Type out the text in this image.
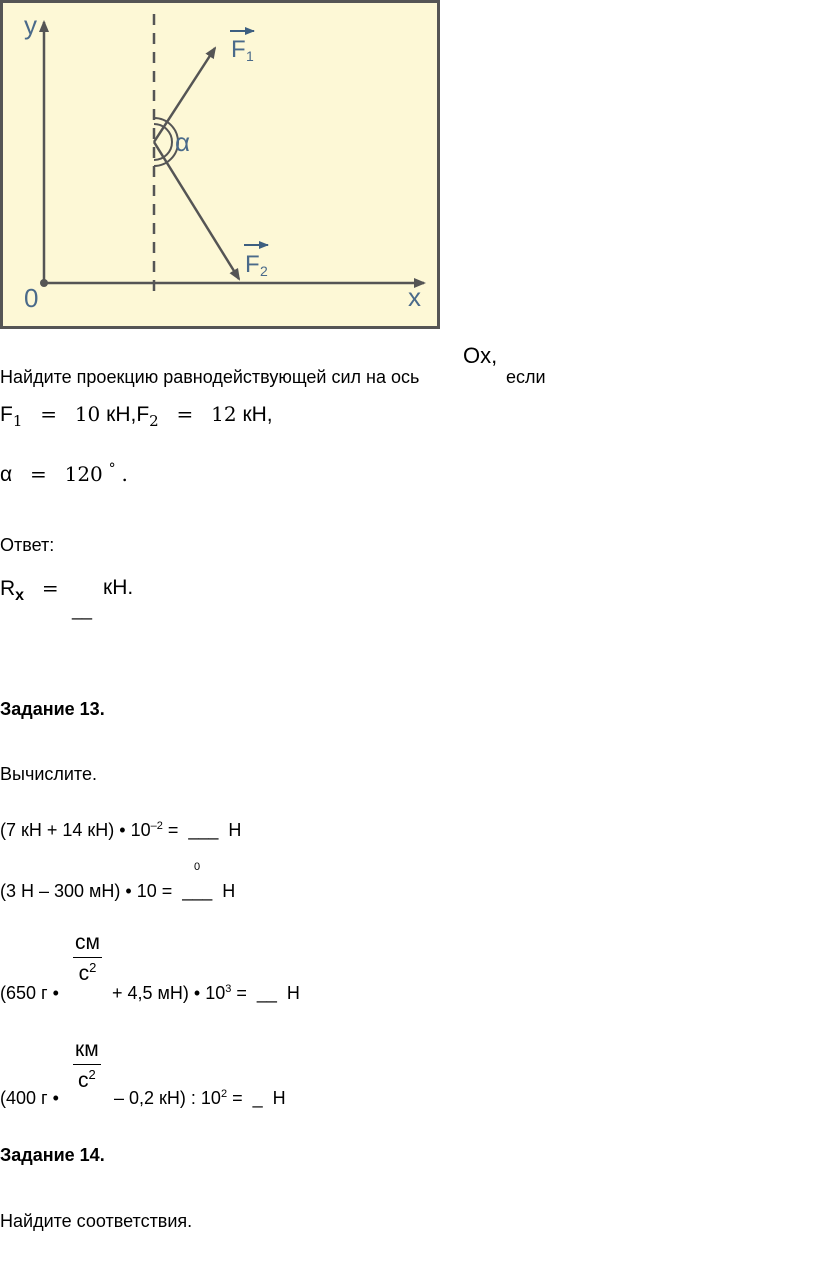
y
x
0
α
F 1
F 2
Найдите проекцию равнодействующей сил на ось
Ox,
если
$F_1 = 10$ $кН,F_2 = 12$ кН,
α = 120 ° .
Ответ:
$R_x$ =	кН.
__
Задание 13.
Вычислите.
(7 кН + 14 кН) • $10^{-2}$ =  ___  Н
0
(3 Н – 300 мН) • 10 =  ___  Н
см
$с^2$
(650 г •	+ 4,5 мН) • $10^3$ =  __  Н
км
$с^2$
(400 г •	– 0,2 кН) : $10^2$ =  _  Н
Задание 14.
Найдите соответствия.
